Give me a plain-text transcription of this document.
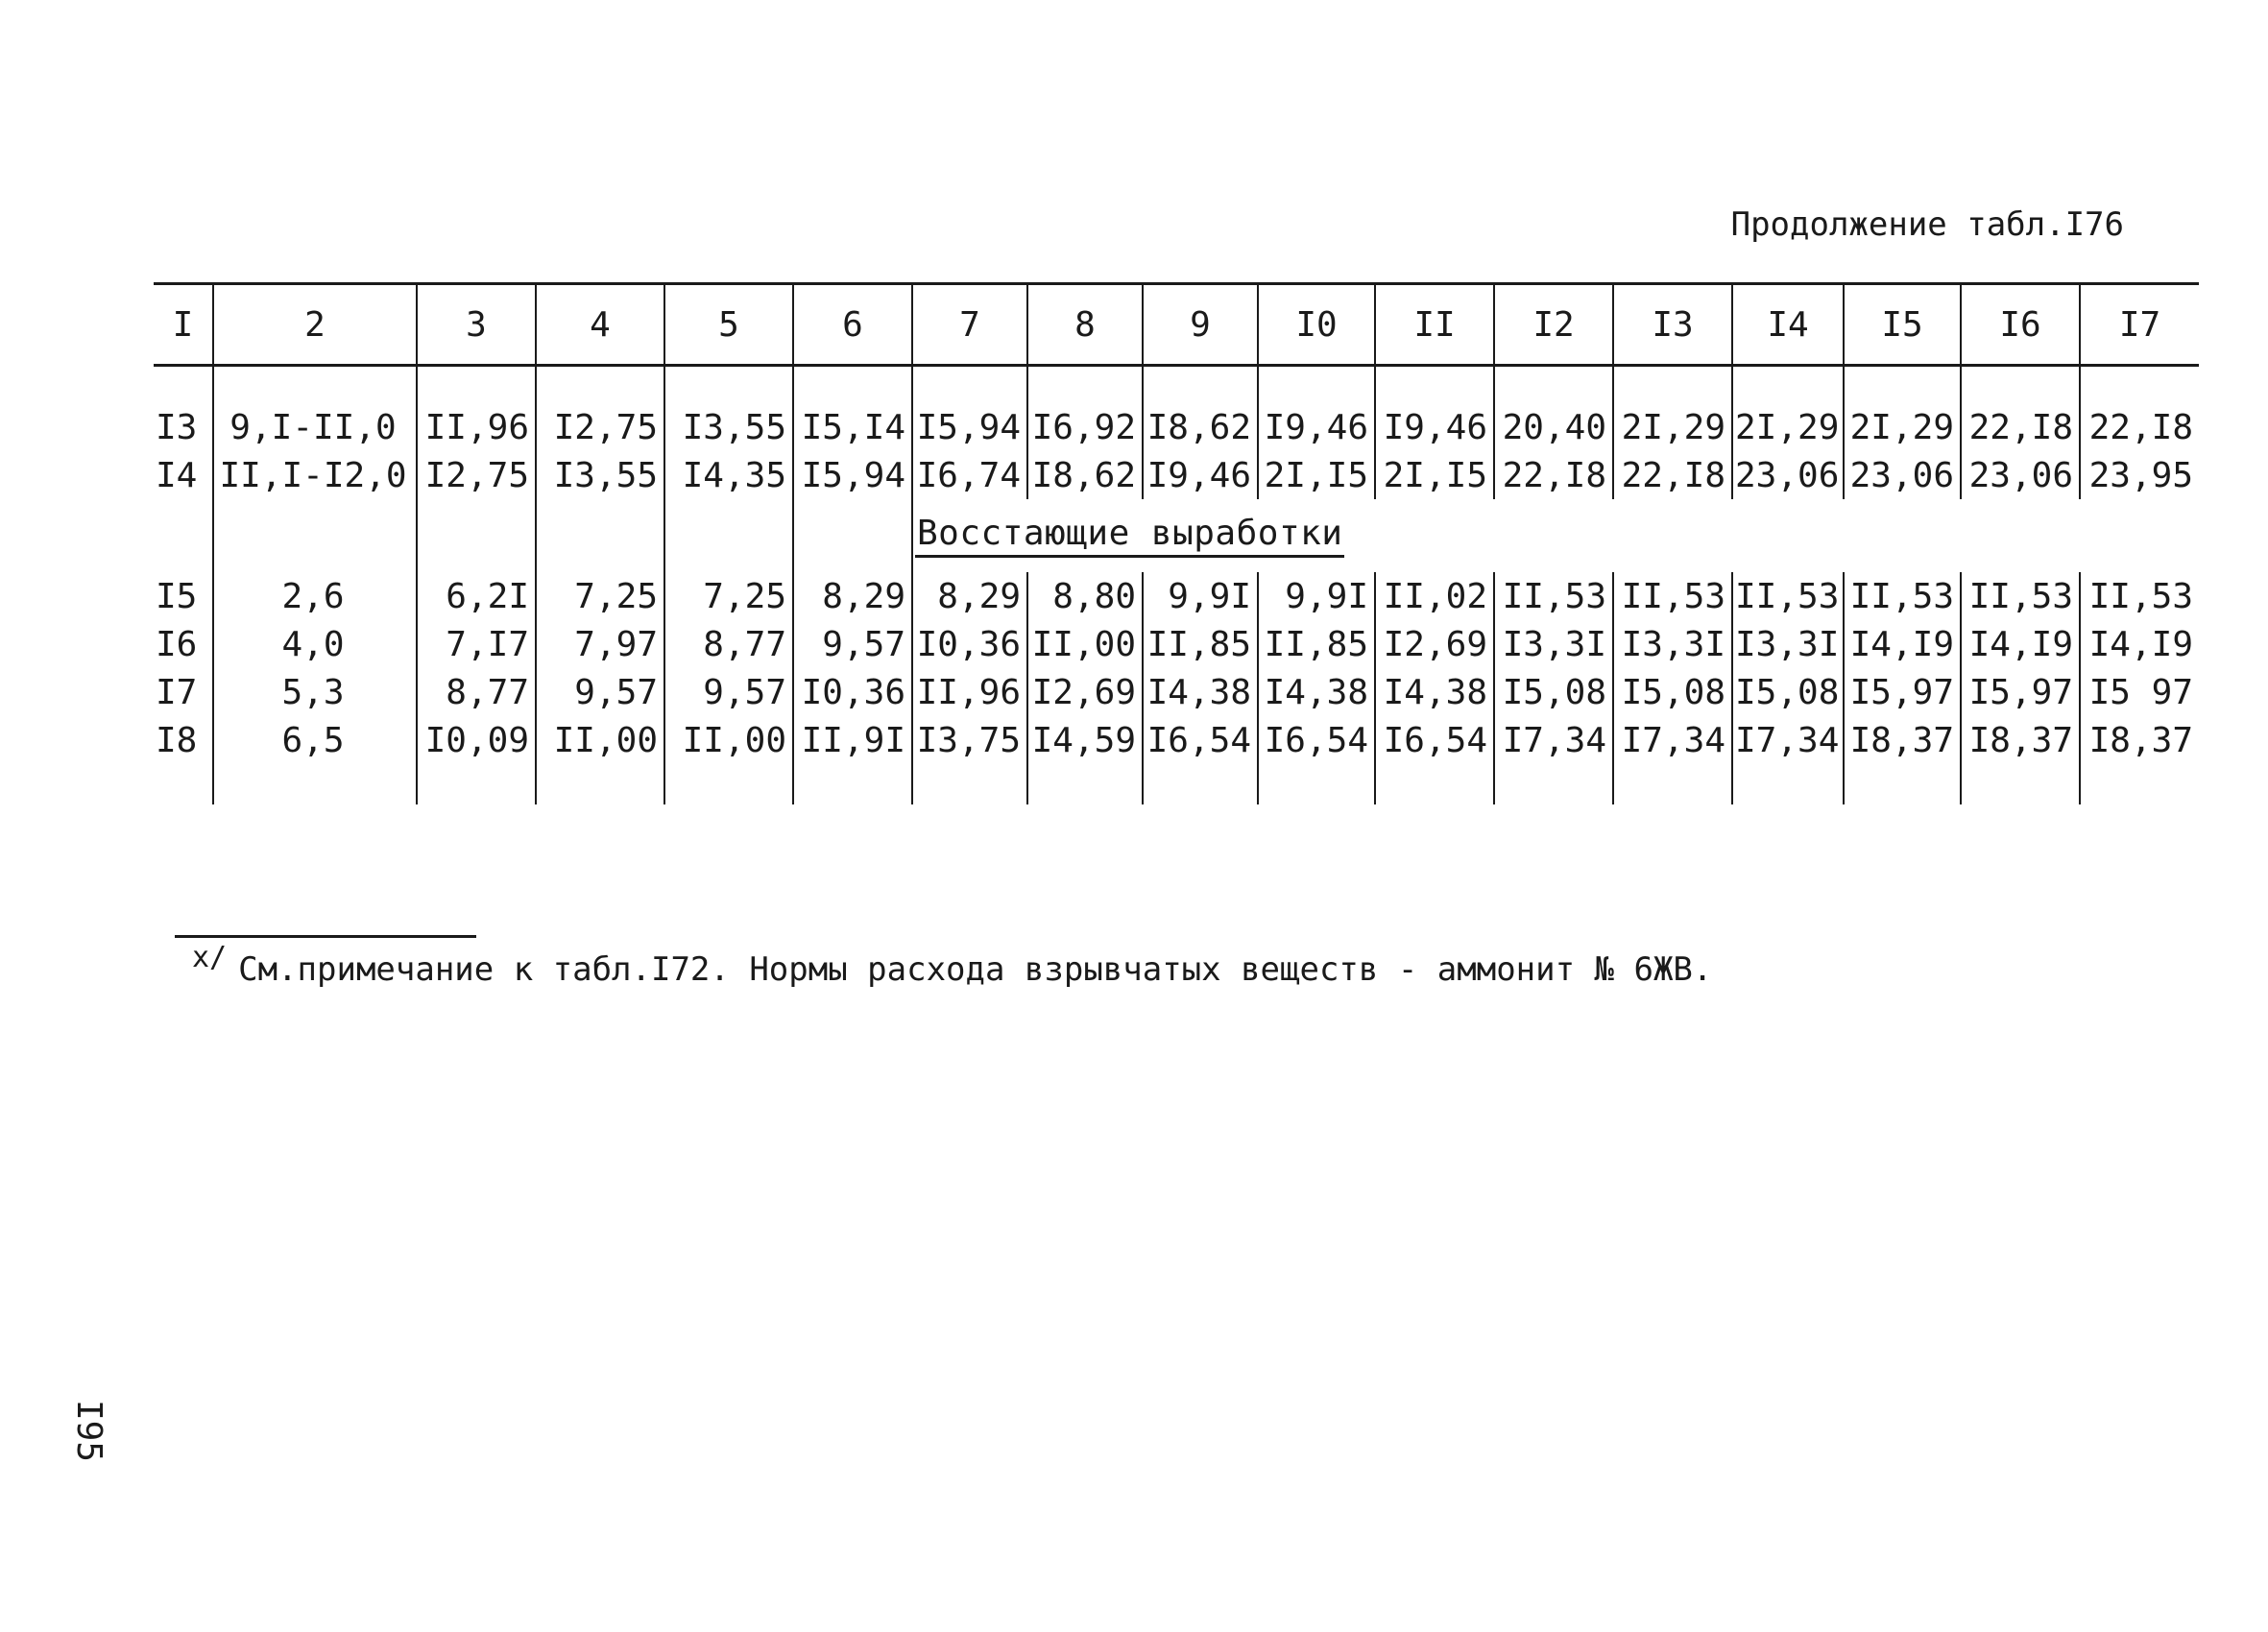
Продолжение табл.I76
I	2	3	4	5	6	7	8	9	I0	II	I2	I3	I4	I5	I6	I7

I3	9,I-II,0	II,96	I2,75	I3,55	I5,I4	I5,94	I6,92	I8,62	I9,46	I9,46	20,40	2I,29	2I,29	2I,29	22,I8	22,I8
I4	II,I-I2,0	I2,75	I3,55	I4,35	I5,94	I6,74	I8,62	I9,46	2I,I5	2I,I5	22,I8	22,I8	23,06	23,06	23,06	23,95
						Восстающие выработки										
I5	2,6	6,2I	7,25	7,25	8,29	8,29	8,80	9,9I	9,9I	II,02	II,53	II,53	II,53	II,53	II,53	II,53
I6	4,0	7,I7	7,97	8,77	9,57	I0,36	II,00	II,85	II,85	I2,69	I3,3I	I3,3I	I3,3I	I4,I9	I4,I9	I4,I9
I7	5,3	8,77	9,57	9,57	I0,36	II,96	I2,69	I4,38	I4,38	I4,38	I5,08	I5,08	I5,08	I5,97	I5,97	I5 97
I8	6,5	I0,09	II,00	II,00	II,9I	I3,75	I4,59	I6,54	I6,54	I6,54	I7,34	I7,34	I7,34	I8,37	I8,37	I8,37

x/ См.примечание к табл.I72. Нормы расхода взрывчатых веществ - аммонит № 6ЖВ.
I95
